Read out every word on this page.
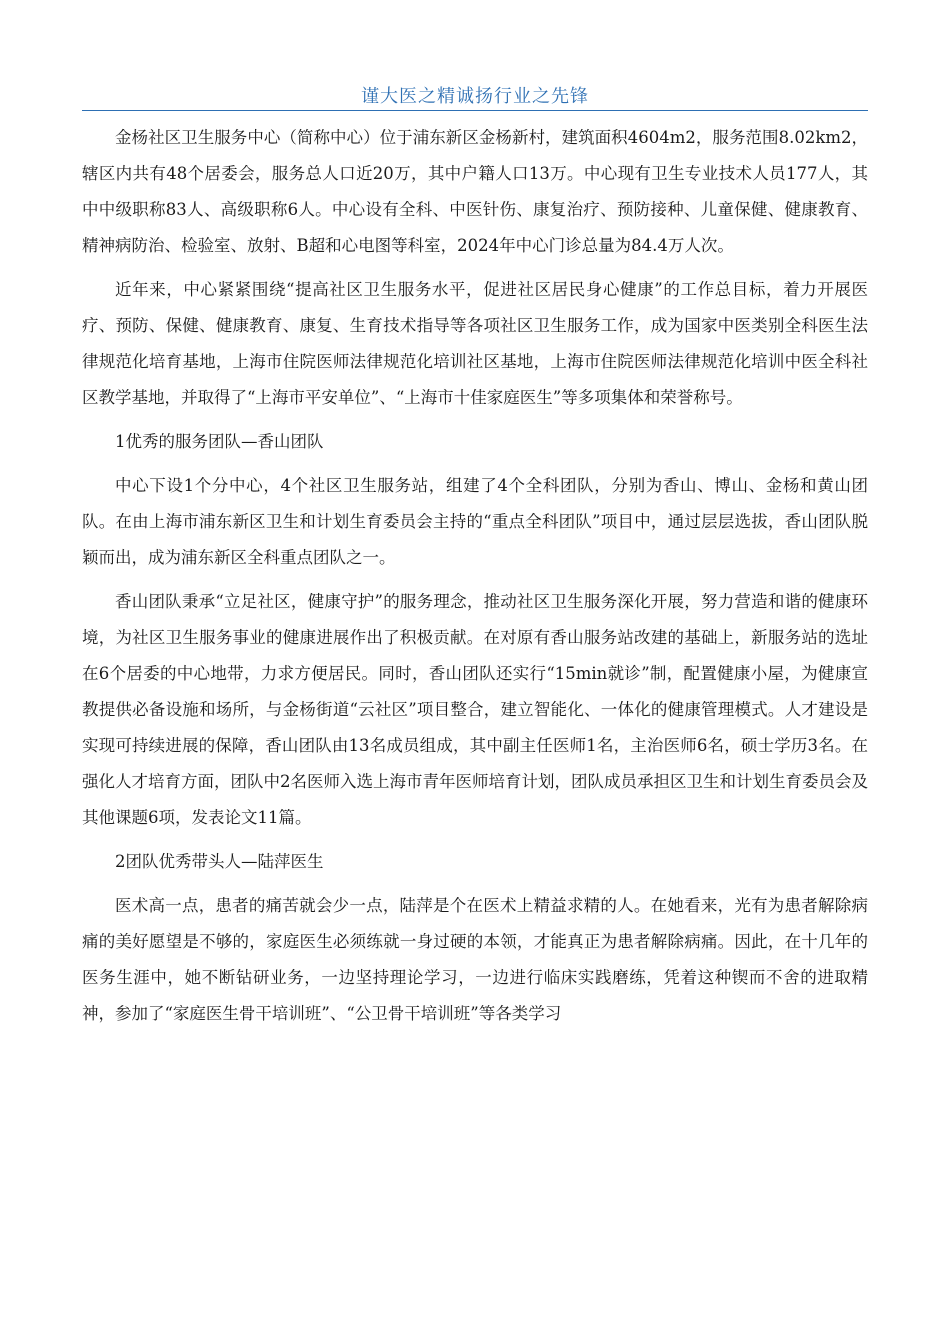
谨大医之精诚扬行业之先锋

金杨社区卫生服务中心（简称中心）位于浦东新区金杨新村，建筑面积4604m2，服务范围8.02km2，辖区内共有48个居委会，服务总人口近20万，其中户籍人口13万。中心现有卫生专业技术人员177人，其中中级职称83人、高级职称6人。中心设有全科、中医针伤、康复治疗、预防接种、儿童保健、健康教育、精神病防治、检验室、放射、B超和心电图等科室，2024年中心门诊总量为84.4万人次。

近年来，中心紧紧围绕“提高社区卫生服务水平，促进社区居民身心健康”的工作总目标，着力开展医疗、预防、保健、健康教育、康复、生育技术指导等各项社区卫生服务工作，成为国家中医类别全科医生法律规范化培育基地，上海市住院医师法律规范化培训社区基地，上海市住院医师法律规范化培训中医全科社区教学基地，并取得了“上海市平安单位”、“上海市十佳家庭医生”等多项集体和荣誉称号。

1优秀的服务团队—香山团队

中心下设1个分中心，4个社区卫生服务站，组建了4个全科团队，分别为香山、博山、金杨和黄山团队。在由上海市浦东新区卫生和计划生育委员会主持的“重点全科团队”项目中，通过层层选拔，香山团队脱颖而出，成为浦东新区全科重点团队之一。

香山团队秉承“立足社区，健康守护”的服务理念，推动社区卫生服务深化开展，努力营造和谐的健康环境，为社区卫生服务事业的健康进展作出了积极贡献。在对原有香山服务站改建的基础上，新服务站的选址在6个居委的中心地带，力求方便居民。同时，香山团队还实行“15min就诊”制，配置健康小屋，为健康宣教提供必备设施和场所，与金杨街道“云社区”项目整合，建立智能化、一体化的健康管理模式。人才建设是实现可持续进展的保障，香山团队由13名成员组成，其中副主任医师1名，主治医师6名，硕士学历3名。在强化人才培育方面，团队中2名医师入选上海市青年医师培育计划，团队成员承担区卫生和计划生育委员会及其他课题6项，发表论文11篇。

2团队优秀带头人—陆萍医生

医术高一点，患者的痛苦就会少一点，陆萍是个在医术上精益求精的人。在她看来，光有为患者解除病痛的美好愿望是不够的，家庭医生必须练就一身过硬的本领，才能真正为患者解除病痛。因此，在十几年的医务生涯中，她不断钻研业务，一边坚持理论学习，一边进行临床实践磨练，凭着这种锲而不舍的进取精神，参加了“家庭医生骨干培训班”、“公卫骨干培训班”等各类学习
